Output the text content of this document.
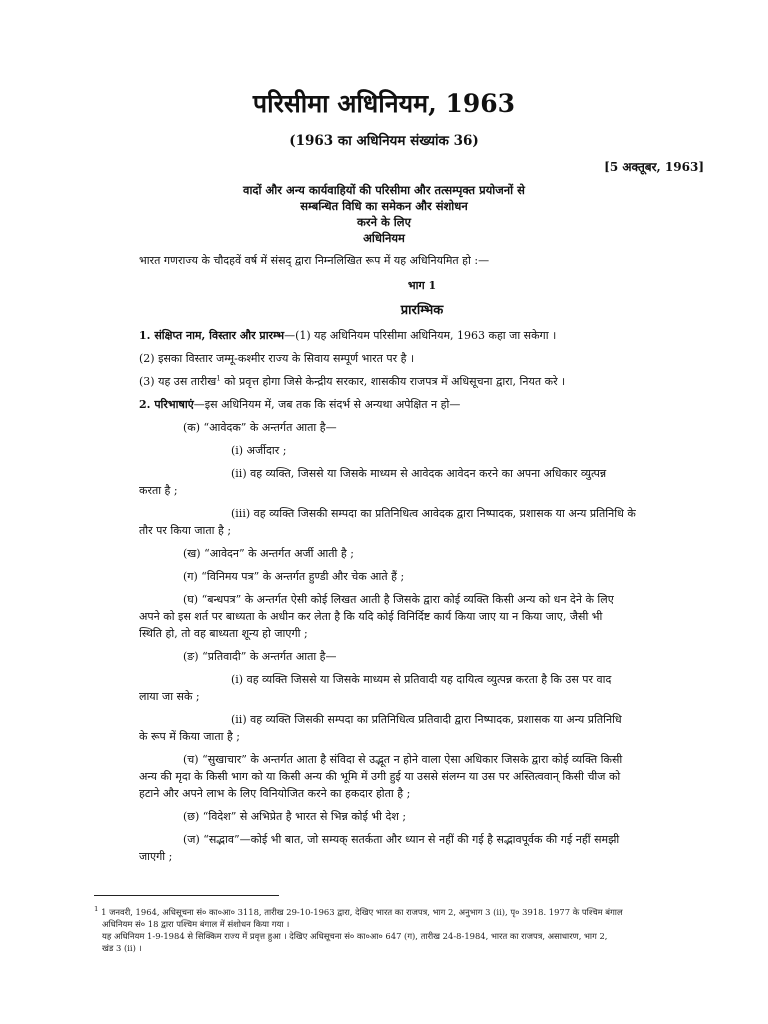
परिसीमा अधिनियम, 1963
(1963 का अधिनियम संख्यांक 36)
[5 अक्तूबर, 1963]
वादों और अन्य कार्यवाहियों की परिसीमा और तत्सम्पृक्त प्रयोजनों से
सम्बन्धित विधि का समेकन और संशोधन
करने के लिए
अधिनियम
भारत गणराज्य के चौदहवें वर्ष में संसद् द्वारा निम्नलिखित रूप में यह अधिनियमित हो :—
भाग 1
प्रारम्भिक
1. संक्षिप्त नाम, विस्तार और प्रारम्भ—(1) यह अधिनियम परिसीमा अधिनियम, 1963 कहा जा सकेगा ।
(2) इसका विस्तार जम्मू-कश्मीर राज्य के सिवाय सम्पूर्ण भारत पर है ।
(3) यह उस तारीख$^1$ को प्रवृत्त होगा जिसे केन्द्रीय सरकार, शासकीय राजपत्र में अधिसूचना द्वारा, नियत करे ।
2. परिभाषाएं—इस अधिनियम में, जब तक कि संदर्भ से अन्यथा अपेक्षित न हो—
(क) “आवेदक” के अन्तर्गत आता है—
(i) अर्जीदार ;
(ii) वह व्यक्ति, जिससे या जिसके माध्यम से आवेदक आवेदन करने का अपना अधिकार व्युत्पन्न
करता है ;
(iii) वह व्यक्ति जिसकी सम्पदा का प्रतिनिधित्व आवेदक द्वारा निष्पादक, प्रशासक या अन्य प्रतिनिधि के
तौर पर किया जाता है ;
(ख) “आवेदन” के अन्तर्गत अर्जी आती है ;
(ग) “विनिमय पत्र” के अन्तर्गत हुण्डी और चेक आते हैं ;
(घ) “बन्धपत्र” के अन्तर्गत ऐसी कोई लिखत आती है जिसके द्वारा कोई व्यक्ति किसी अन्य को धन देने के लिए
अपने को इस शर्त पर बाध्यता के अधीन कर लेता है कि यदि कोई विनिर्दिष्ट कार्य किया जाए या न किया जाए, जैसी भी
स्थिति हो, तो वह बाध्यता शून्य हो जाएगी ;
(ङ) “प्रतिवादी” के अन्तर्गत आता है—
(i) वह व्यक्ति जिससे या जिसके माध्यम से प्रतिवादी यह दायित्व व्युत्पन्न करता है कि उस पर वाद
लाया जा सके ;
(ii) वह व्यक्ति जिसकी सम्पदा का प्रतिनिधित्व प्रतिवादी द्वारा निष्पादक, प्रशासक या अन्य प्रतिनिधि
के रूप में किया जाता है ;
(च) “सुखाचार” के अन्तर्गत आता है संविदा से उद्भूत न होने वाला ऐसा अधिकार जिसके द्वारा कोई व्यक्ति किसी
अन्य की मृदा के किसी भाग को या किसी अन्य की भूमि में उगी हुई या उससे संलग्न या उस पर अस्तित्ववान् किसी चीज को
हटाने और अपने लाभ के लिए विनियोजित करने का हकदार होता है ;
(छ) “विदेश” से अभिप्रेत है भारत से भिन्न कोई भी देश ;
(ज) “सद्भाव”—कोई भी बात, जो सम्यक् सतर्कता और ध्यान से नहीं की गई है सद्भावपूर्वक की गई नहीं समझी
जाएगी ;
$^1$ 1 जनवरी, 1964, अधिसूचना सं० का०आ० 3118, तारीख 29-10-1963 द्वारा, देखिए भारत का राजपत्र, भाग 2, अनुभाग 3 (ii), पृ० 3918. 1977 के पश्चिम बंगाल
अधिनियम सं० 18 द्वारा पश्चिम बंगाल में संशोधन किया गया ।
यह अधिनियम 1-9-1984 से सिक्किम राज्य में प्रवृत्त हुआ । देखिए अधिसूचना सं० का०आ० 647 (ग), तारीख 24-8-1984, भारत का राजपत्र, असाधारण, भाग 2,
खंड 3 (ii) ।
